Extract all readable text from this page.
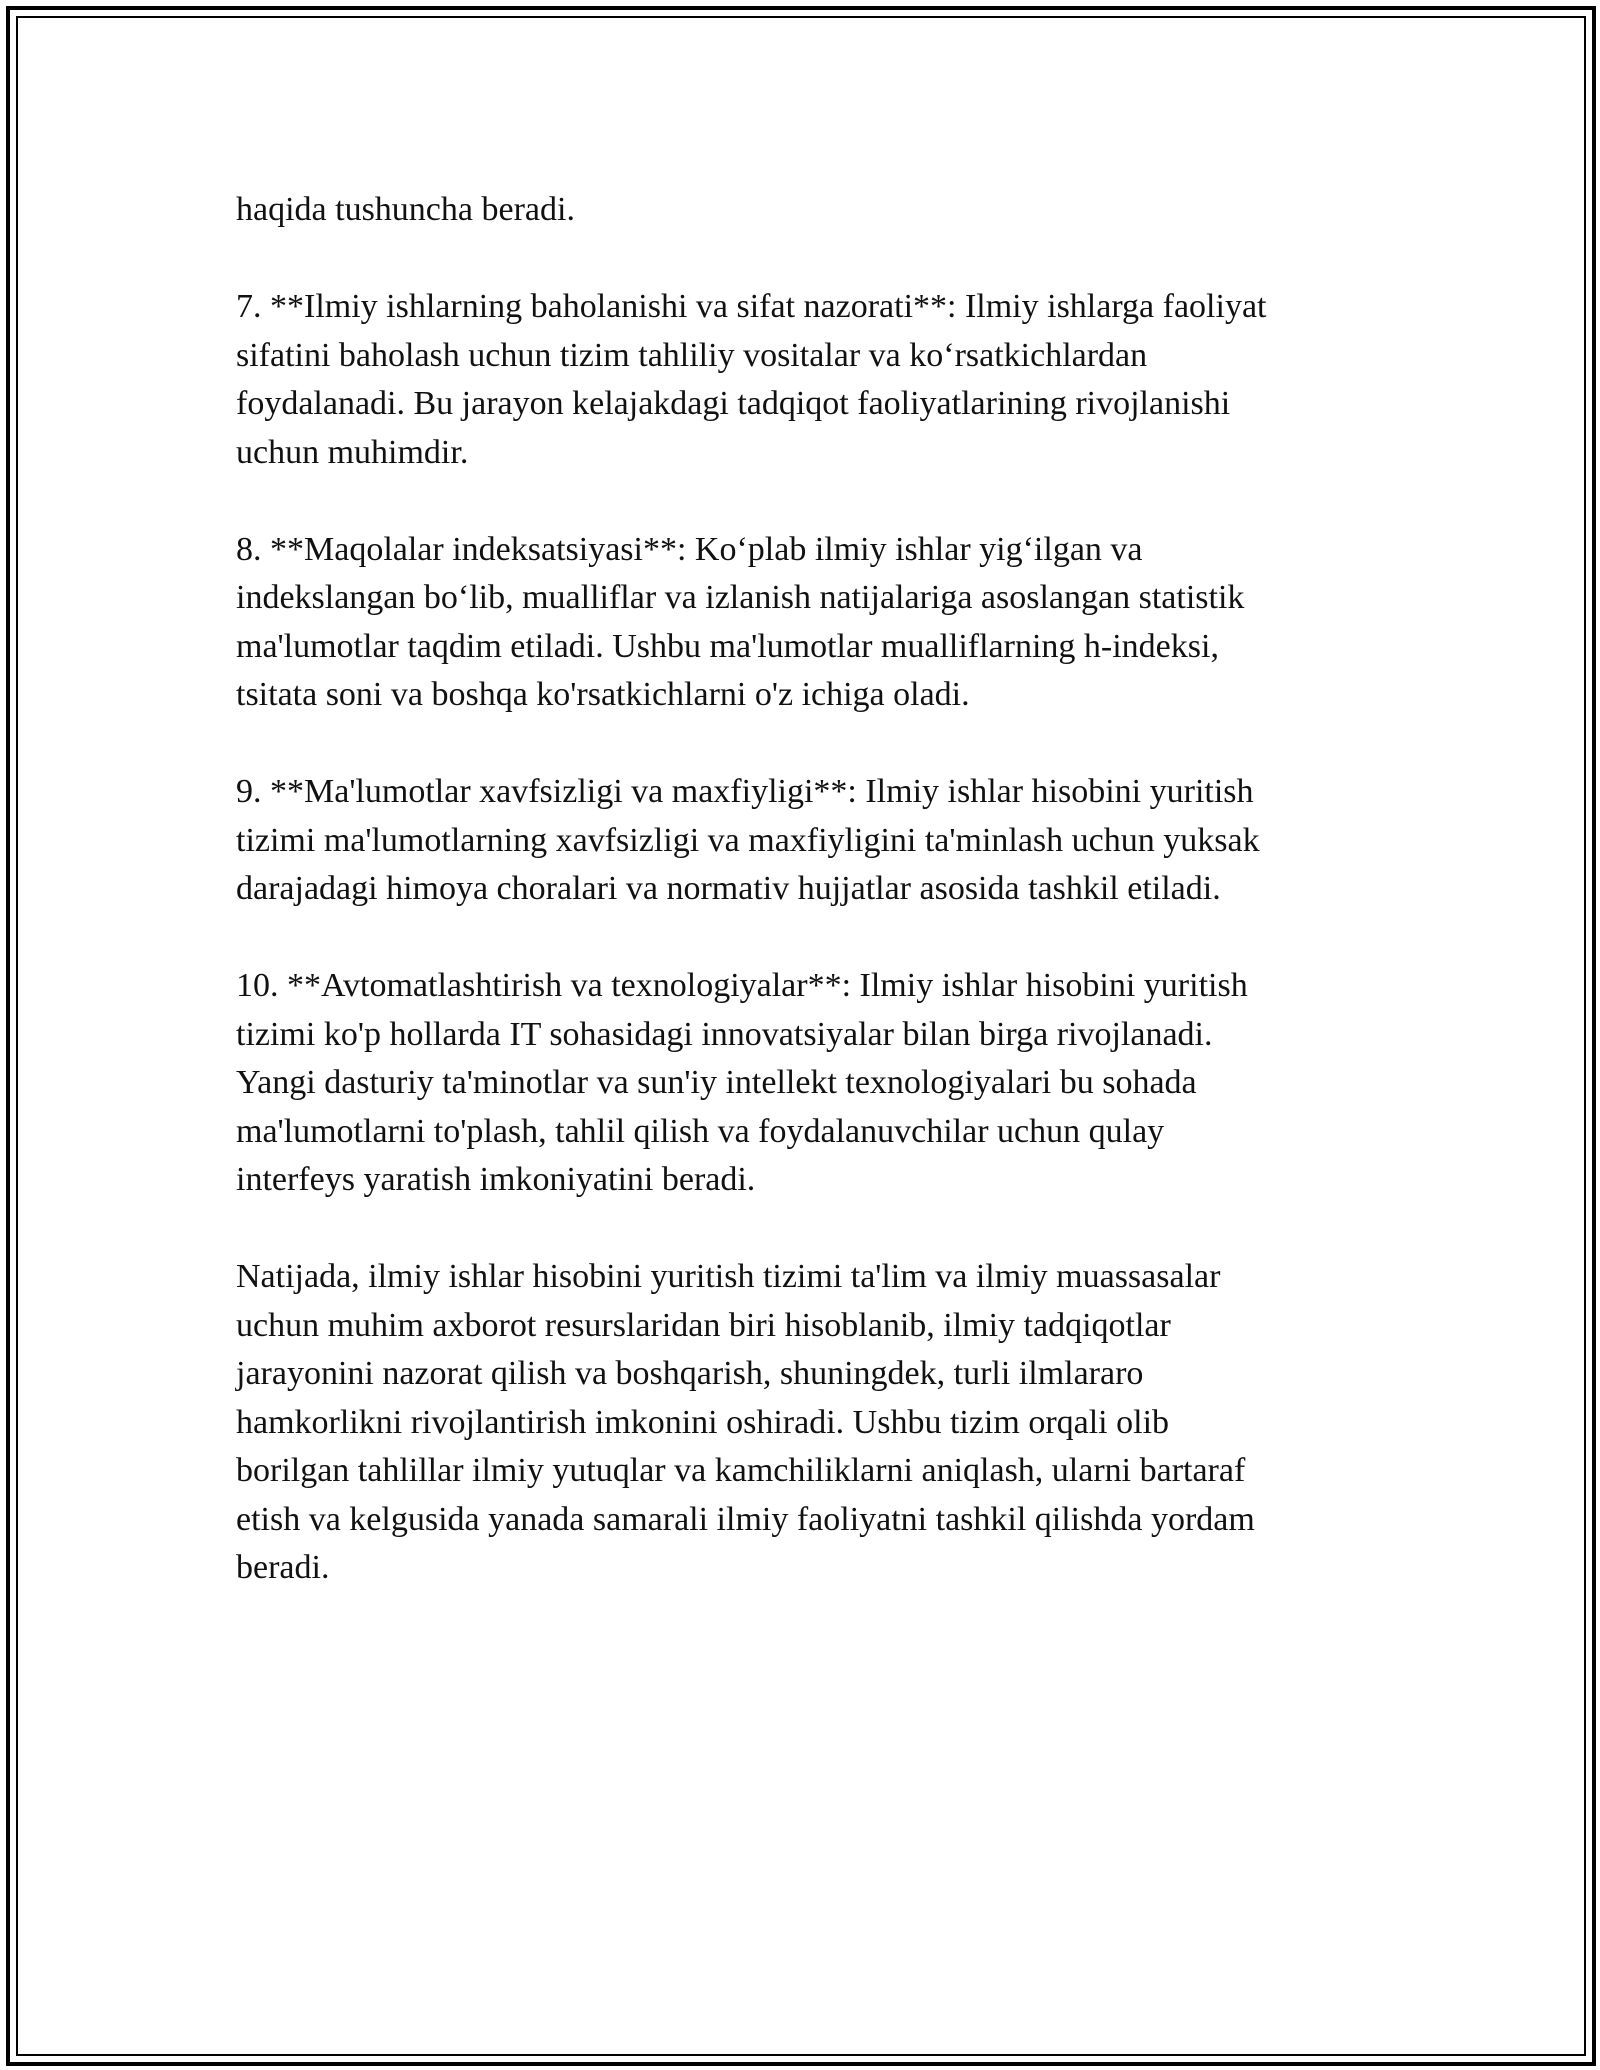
haqida tushuncha beradi.

7. **Ilmiy ishlarning baholanishi va sifat nazorati**: Ilmiy ishlarga faoliyat
sifatini baholash uchun tizim tahliliy vositalar va ko‘rsatkichlardan
foydalanadi. Bu jarayon kelajakdagi tadqiqot faoliyatlarining rivojlanishi
uchun muhimdir.

8. **Maqolalar indeksatsiyasi**: Ko‘plab ilmiy ishlar yig‘ilgan va
indekslangan bo‘lib, mualliflar va izlanish natijalariga asoslangan statistik
ma'lumotlar taqdim etiladi. Ushbu ma'lumotlar mualliflarning h-indeksi,
tsitata soni va boshqa ko'rsatkichlarni o'z ichiga oladi.

9. **Ma'lumotlar xavfsizligi va maxfiyligi**: Ilmiy ishlar hisobini yuritish
tizimi ma'lumotlarning xavfsizligi va maxfiyligini ta'minlash uchun yuksak
darajadagi himoya choralari va normativ hujjatlar asosida tashkil etiladi.

10. **Avtomatlashtirish va texnologiyalar**: Ilmiy ishlar hisobini yuritish
tizimi ko'p hollarda IT sohasidagi innovatsiyalar bilan birga rivojlanadi.
Yangi dasturiy ta'minotlar va sun'iy intellekt texnologiyalari bu sohada
ma'lumotlarni to'plash, tahlil qilish va foydalanuvchilar uchun qulay
interfeys yaratish imkoniyatini beradi.

Natijada, ilmiy ishlar hisobini yuritish tizimi ta'lim va ilmiy muassasalar
uchun muhim axborot resurslaridan biri hisoblanib, ilmiy tadqiqotlar
jarayonini nazorat qilish va boshqarish, shuningdek, turli ilmlararo
hamkorlikni rivojlantirish imkonini oshiradi. Ushbu tizim orqali olib
borilgan tahlillar ilmiy yutuqlar va kamchiliklarni aniqlash, ularni bartaraf
etish va kelgusida yanada samarali ilmiy faoliyatni tashkil qilishda yordam
beradi.
